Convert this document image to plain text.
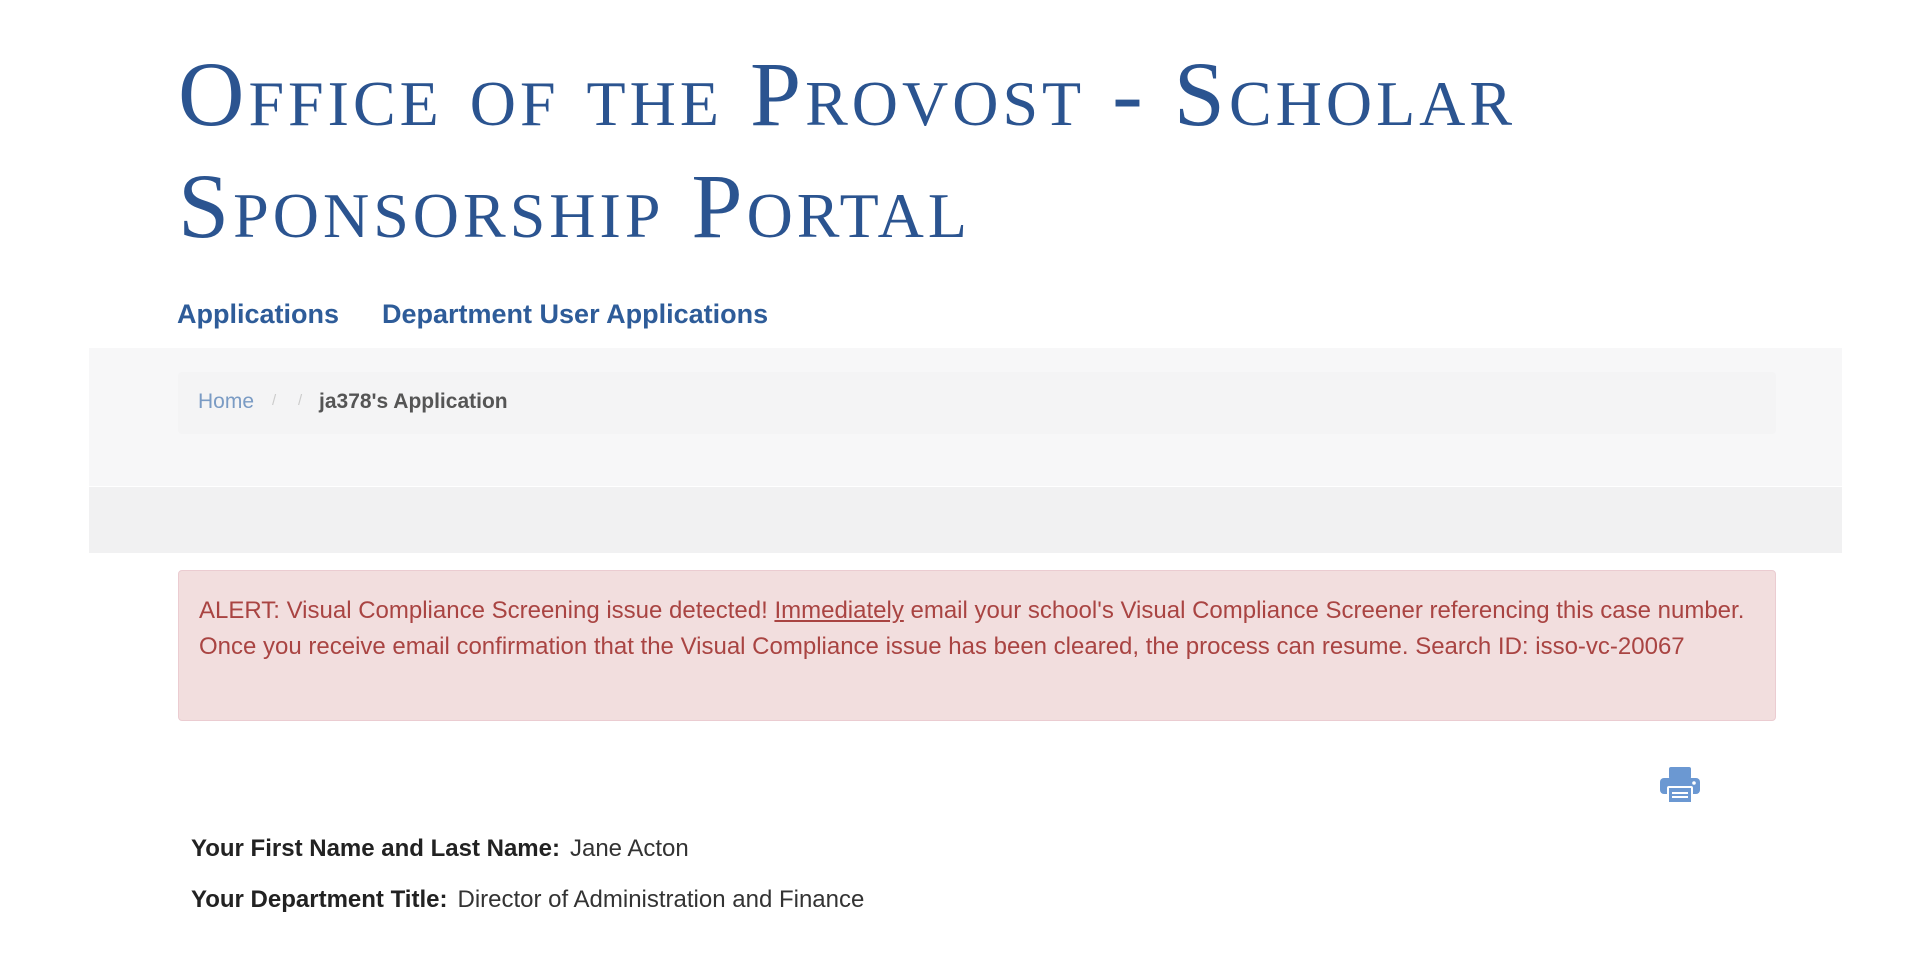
Office of the Provost - Scholar Sponsorship Portal
Applications Department User Applications
Home / / ja378's Application
ALERT: Visual Compliance Screening issue detected! Immediately email your school's Visual Compliance Screener referencing this case number. Once you receive email confirmation that the Visual Compliance issue has been cleared, the process can resume. Search ID: isso-vc-20067
Your First Name and Last Name: Jane Acton
Your Department Title: Director of Administration and Finance
